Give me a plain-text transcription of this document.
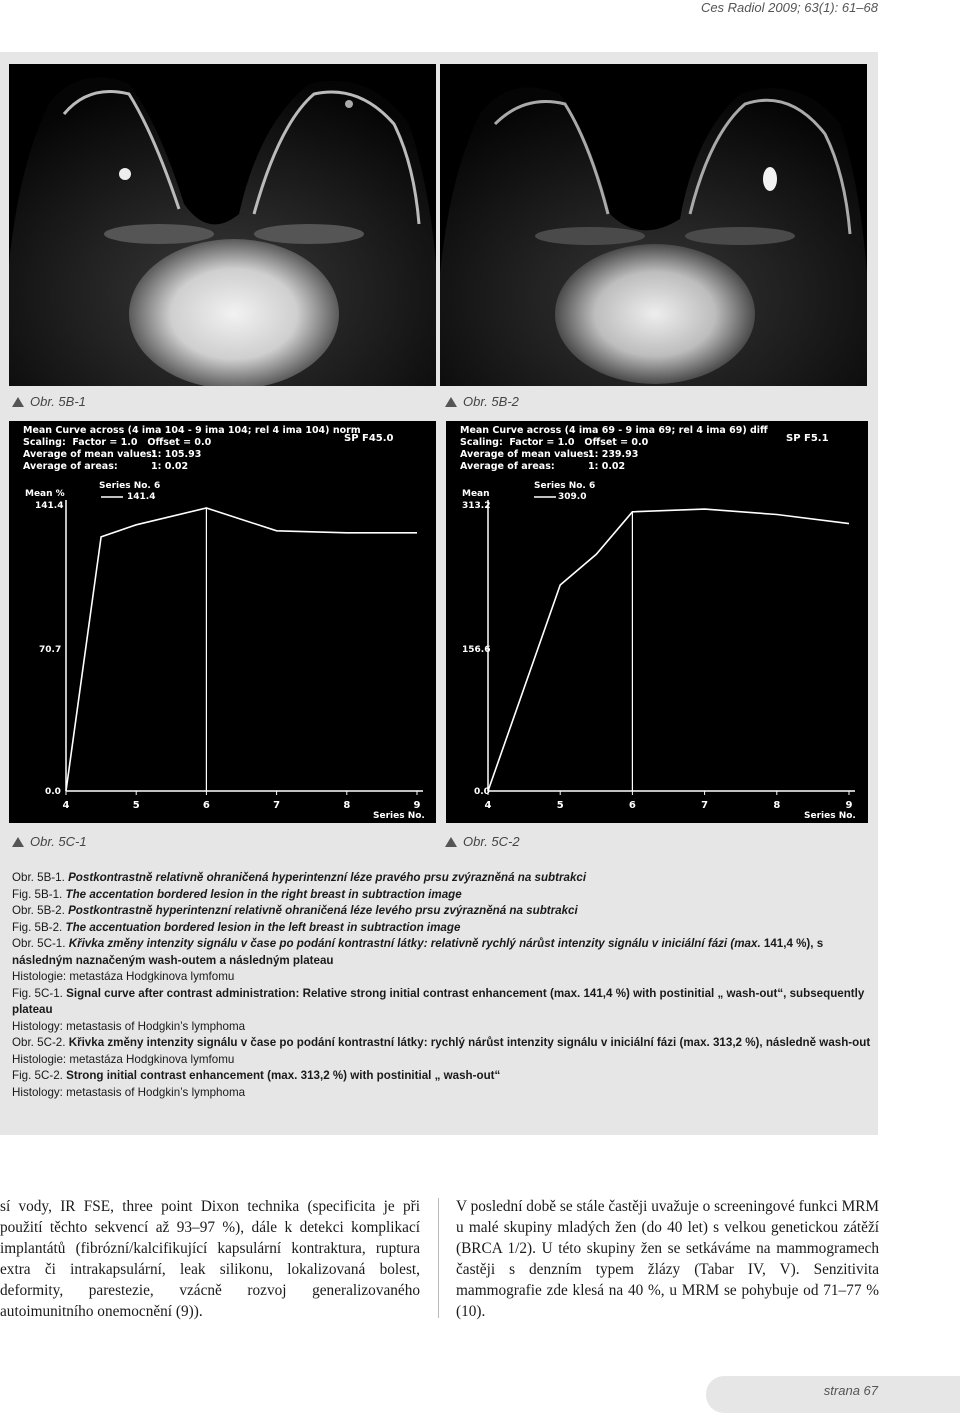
Ces Radiol 2009; 63(1): 61–68
Obr. 5B-1	Obr. 5B-2
Mean Curve across (4 ima 104 - 9 ima 104; rel 4 ima 104) norm
Scaling:  Factor = 1.0   Offset = 0.0
Average of mean values:
Average of areas:
1: 105.93
1: 0.02
SP F45.0
Mean %
141.4
70.7
0.0
Series No. 6
141.4
Series No.
4	5	6	7	8	9
Mean Curve across (4 ima 69 - 9 ima 69; rel 4 ima 69) diff
Scaling:  Factor = 1.0   Offset = 0.0
Average of mean values:
Average of areas:
1: 239.93
1: 0.02
SP F5.1
Mean
313.2
156.6
0.0
Series No. 6
309.0
Series No.
4	5	6	7	8	9
Obr. 5C-1	Obr. 5C-2

Obr. 5B-1. Postkontrastně relativně ohraničená hyperintenzní léze pravého prsu zvýrazněná na subtrakci

Fig. 5B-1. The accentation bordered lesion in the right breast in subtraction image

Obr. 5B-2. Postkontrastně hyperintenzní relativně ohraničená léze levého prsu zvýrazněná na subtrakci

Fig. 5B-2. The accentuation bordered lesion in the left breast in subtraction image

Obr. 5C-1. Křivka změny intenzity signálu v čase po podání kontrastní látky: relativně rychlý nárůst intenzity signálu v iniciální fázi (max. 141,4 %), s následným naznačeným wash-outem a následným plateau

Histologie: metastáza Hodgkinova lymfomu

Fig. 5C-1. Signal curve after contrast administration: Relative strong initial contrast enhancement (max. 141,4 %) with postinitial „ wash-out“, subsequently plateau

Histology: metastasis of Hodgkin’s lymphoma

Obr. 5C-2. Křivka změny intenzity signálu v čase po podání kontrastní látky: rychlý nárůst intenzity signálu v iniciální fázi (max. 313,2 %), následně wash-out

Histologie: metastáza Hodgkinova lymfomu

Fig. 5C-2. Strong initial contrast enhancement (max. 313,2 %) with postinitial „ wash-out“

Histology: metastasis of Hodgkin’s lymphoma

sí vody, IR FSE, three point Dixon technika (specificita je při použití těchto sekvencí až 93–97 %), dále k detekci komplikací implantátů (fibrózní/kalcifikující kapsulární kontraktura, ruptura extra či intrakapsulární, leak silikonu, lokalizovaná bolest, deformity, parestezie, vzácně rozvoj generalizovaného autoimunitního onemocnění (9)).
V poslední době se stále častěji uvažuje o screeningové funkci MRM u malé skupiny mladých žen (do 40 let) s velkou genetickou zátěží (BRCA 1/2). U této skupiny žen se setkáváme na mammogramech častěji s denzním typem žlázy (Tabar IV, V). Senzitivita mammografie zde klesá na 40 %, u MRM se pohybuje od 71–77 % (10).
strana 67
